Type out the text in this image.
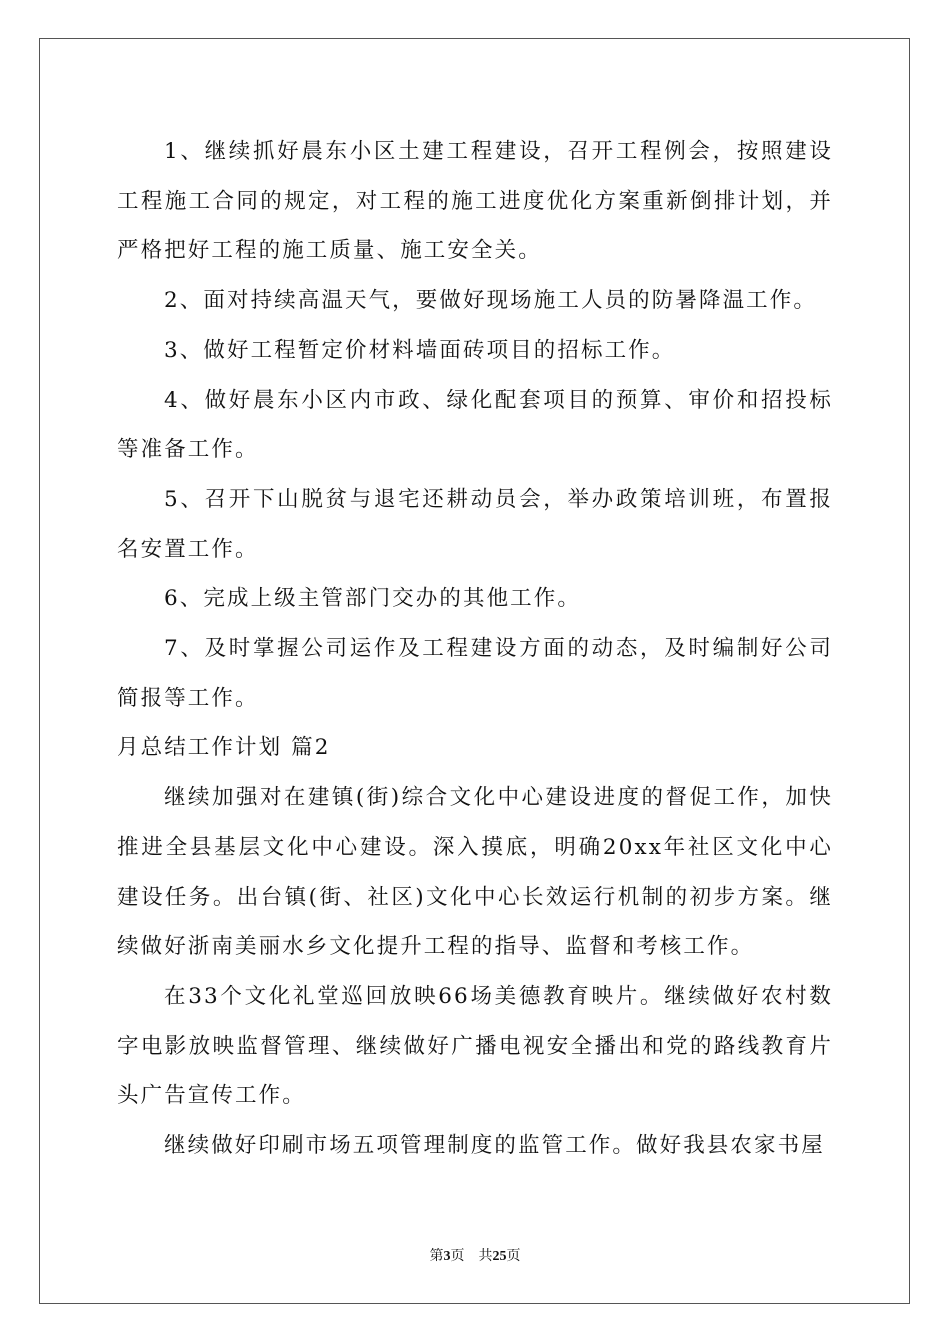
1、继续抓好晨东小区土建工程建设，召开工程例会，按照建设工程施工合同的规定，对工程的施工进度优化方案重新倒排计划，并严格把好工程的施工质量、施工安全关。

2、面对持续高温天气，要做好现场施工人员的防暑降温工作。

3、做好工程暂定价材料墙面砖项目的招标工作。

4、做好晨东小区内市政、绿化配套项目的预算、审价和招投标等准备工作。

5、召开下山脱贫与退宅还耕动员会，举办政策培训班，布置报名安置工作。

6、完成上级主管部门交办的其他工作。

7、及时掌握公司运作及工程建设方面的动态，及时编制好公司简报等工作。

月总结工作计划 篇2

继续加强对在建镇(街)综合文化中心建设进度的督促工作，加快推进全县基层文化中心建设。深入摸底，明确20xx年社区文化中心建设任务。出台镇(街、社区)文化中心长效运行机制的初步方案。继续做好浙南美丽水乡文化提升工程的指导、监督和考核工作。

在33个文化礼堂巡回放映66场美德教育映片。继续做好农村数字电影放映监督管理、继续做好广播电视安全播出和党的路线教育片头广告宣传工作。

继续做好印刷市场五项管理制度的监管工作。做好我县农家书屋

第3页　共25页
